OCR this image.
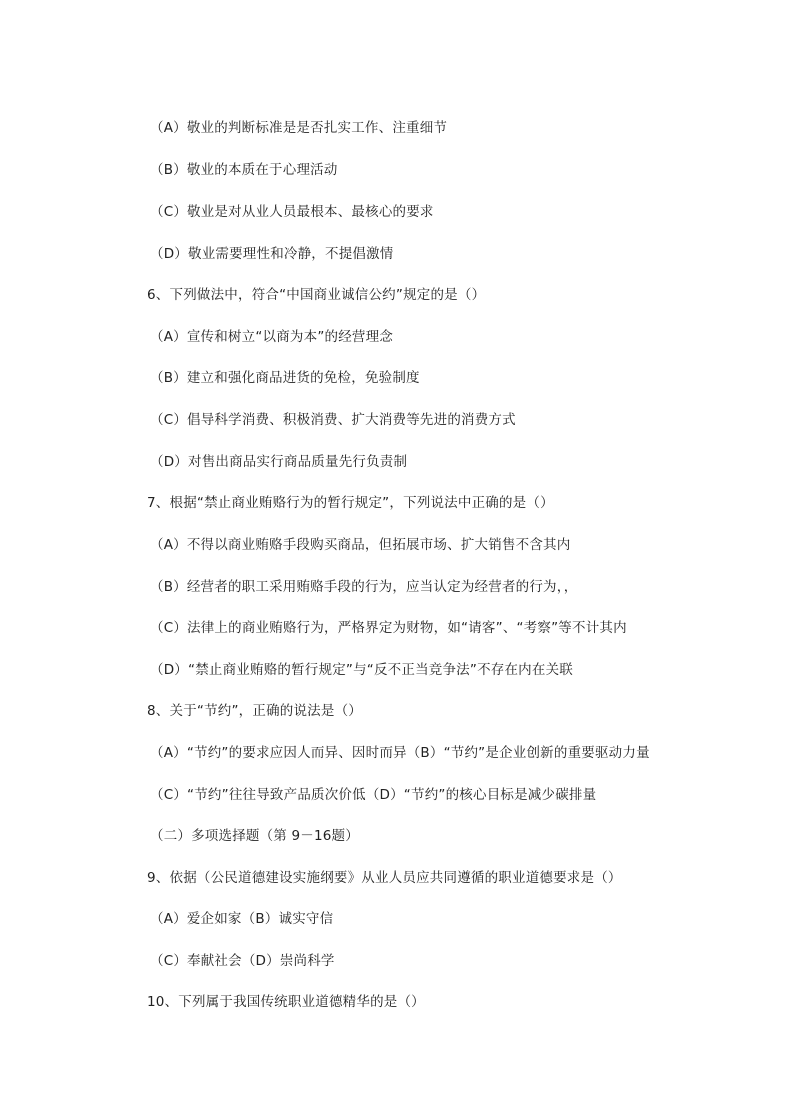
（A）敬业的判断标准是是否扎实工作、注重细节
（B）敬业的本质在于心理活动
（C）敬业是对从业人员最根本、最核心的要求
（D）敬业需要理性和冷静，不提倡激情
6、下列做法中，符合“中国商业诚信公约”规定的是（）
（A）宣传和树立“以商为本”的经营理念
（B）建立和强化商品进货的免检，免验制度
（C）倡导科学消费、积极消费、扩大消费等先进的消费方式
（D）对售出商品实行商品质量先行负责制
7、根据“禁止商业贿赂行为的暂行规定”，下列说法中正确的是（）
（A）不得以商业贿赂手段购买商品，但拓展市场、扩大销售不含其内
（B）经营者的职工采用贿赂手段的行为，应当认定为经营者的行为，，
（C）法律上的商业贿赂行为，严格界定为财物，如“请客”、“考察”等不计其内
（D）“禁止商业贿赂的暂行规定”与“反不正当竞争法”不存在内在关联
8、关于“节约”，正确的说法是（）
（A）“节约”的要求应因人而异、因时而异（B）“节约”是企业创新的重要驱动力量
（C）“节约”往往导致产品质次价低（D）“节约”的核心目标是减少碳排量
（二）多项选择题（第 9－16题）
9、依据（公民道德建设实施纲要》从业人员应共同遵循的职业道德要求是（）
（A）爱企如家（B）诚实守信
（C）奉献社会（D）崇尚科学
10、下列属于我国传统职业道德精华的是（）
